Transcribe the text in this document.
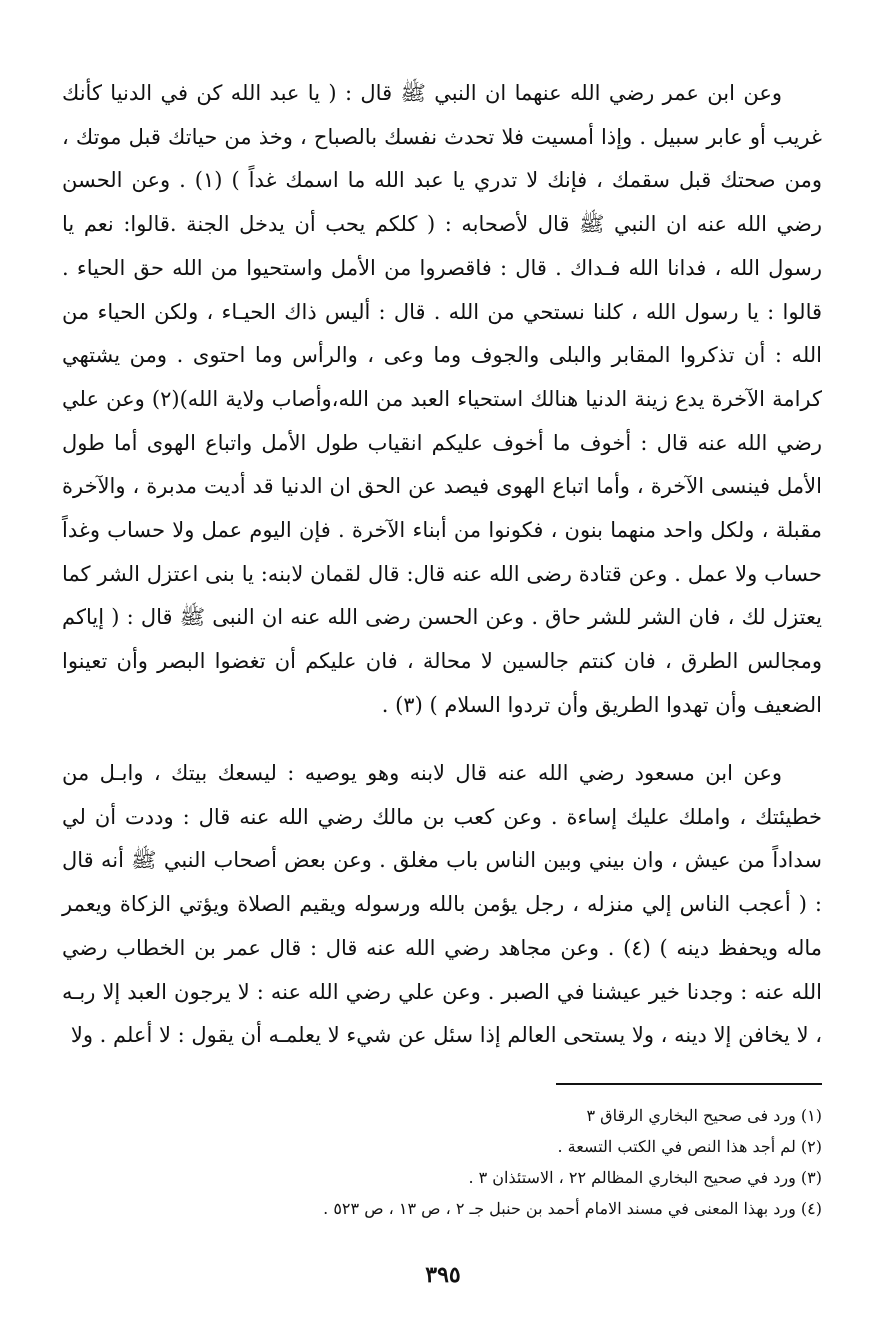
وعن ابن عمر رضي الله عنهما ان النبي ﷺ قال : ( يا عبد الله كن في الدنيا كأنك غريب أو عابر سبيل . وإذا أمسيت فلا تحدث نفسك بالصباح ، وخذ من حياتك قبل موتك ، ومن صحتك قبل سقمك ، فإنك لا تدري يا عبد الله ما اسمك غداً ) (١) . وعن الحسن رضي الله عنه ان النبي ﷺ قال لأصحابه : ( كلكم يحب أن يدخل الجنة .قالوا: نعم يا رسول الله ، فدانا الله فـداك . قال : فاقصروا من الأمل واستحيوا من الله حق الحياء . قالوا : يا رسول الله ، كلنا نستحي من الله . قال : أليس ذاك الحيـاء ، ولكن الحياء من الله : أن تذكروا المقابر والبلى والجوف وما وعى ، والرأس وما احتوى . ومن يشتهي كرامة الآخرة يدع زينة الدنيا هنالك استحياء العبد من الله،وأصاب ولاية الله)(٢) وعن علي رضي الله عنه قال : أخوف ما أخوف عليكم انقياب طول الأمل واتباع الهوى أما طول الأمل فينسى الآخرة ، وأما اتباع الهوى فيصد عن الحق ان الدنيا قد أديت مدبرة ، والآخرة مقبلة ، ولكل واحد منهما بنون ، فكونوا من أبناء الآخرة . فإن اليوم عمل ولا حساب وغداً حساب ولا عمل . وعن قتادة رضى الله عنه قال: قال لقمان لابنه: يا بنى اعتزل الشر كما يعتزل لك ، فان الشر للشر حاق . وعن الحسن رضى الله عنه ان النبى ﷺ قال : ( إياكم ومجالس الطرق ، فان كنتم جالسين لا محالة ، فان عليكم أن تغضوا البصر وأن تعينوا الضعيف وأن تهدوا الطريق وأن تردوا السلام ) (٣) .

وعن ابن مسعود رضي الله عنه قال لابنه وهو يوصيه : ليسعك بيتك ، وابـل من خطيئتك ، واملك عليك إساءة . وعن كعب بن مالك رضي الله عنه قال : وددت أن لي سداداً من عيش ، وان بيني وبين الناس باب مغلق . وعن بعض أصحاب النبي ﷺ أنه قال : ( أعجب الناس إلي منزله ، رجل يؤمن بالله ورسوله ويقيم الصلاة ويؤتي الزكاة ويعمر ماله ويحفظ دينه ) (٤) . وعن مجاهد رضي الله عنه قال : قال عمر بن الخطاب رضي الله عنه : وجدنا خير عيشنا في الصبر . وعن علي رضي الله عنه : لا يرجون العبد إلا ربـه ، لا يخافن إلا دينه ، ولا يستحى العالم إذا سئل عن شيء لا يعلمـه أن يقول : لا أعلم . ولا

(١) ورد فى صحيح البخاري الرقاق ٣

(٢) لم أجد هذا النص في الكتب التسعة .

(٣) ورد في صحيح البخاري المظالم ٢٢ ، الاستئذان ٣ .

(٤) ورد بهذا المعنى في مسند الامام أحمد بن حنبل جـ ٢ ، ص ١٣ ، ص ٥٢٣ .

٣٩٥
